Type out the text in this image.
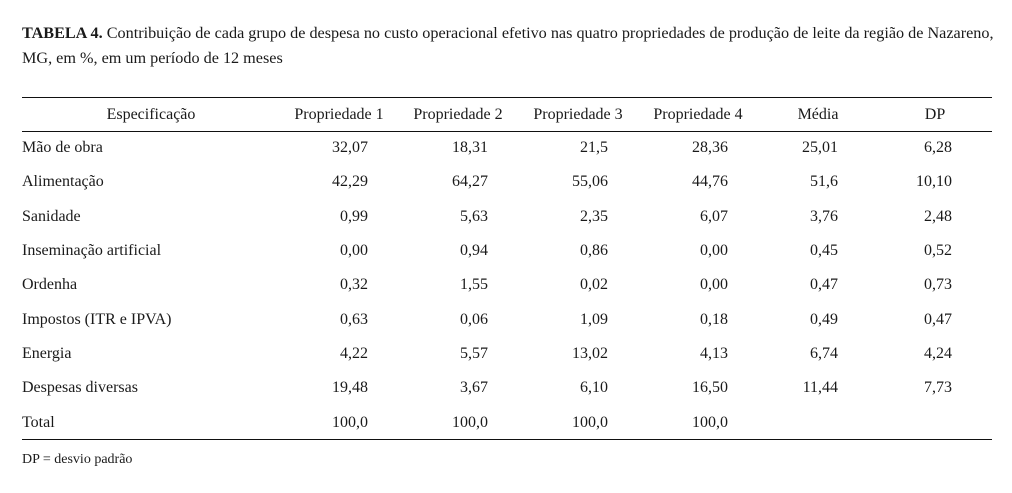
TABELA 4. Contribuição de cada grupo de despesa no custo operacional efetivo nas quatro propriedades de produção de leite da região de Nazareno, MG, em %, em um período de 12 meses
Especificação	Propriedade 1	Propriedade 2	Propriedade 3	Propriedade 4	Média	DP
Mão de obra	32,07	18,31	21,5	28,36	25,01	6,28
Alimentação	42,29	64,27	55,06	44,76	51,6	10,10
Sanidade	0,99	5,63	2,35	6,07	3,76	2,48
Inseminação artificial	0,00	0,94	0,86	0,00	0,45	0,52
Ordenha	0,32	1,55	0,02	0,00	0,47	0,73
Impostos (ITR e IPVA)	0,63	0,06	1,09	0,18	0,49	0,47
Energia	4,22	5,57	13,02	4,13	6,74	4,24
Despesas diversas	19,48	3,67	6,10	16,50	11,44	7,73
Total	100,0	100,0	100,0	100,0		
DP = desvio padrão
